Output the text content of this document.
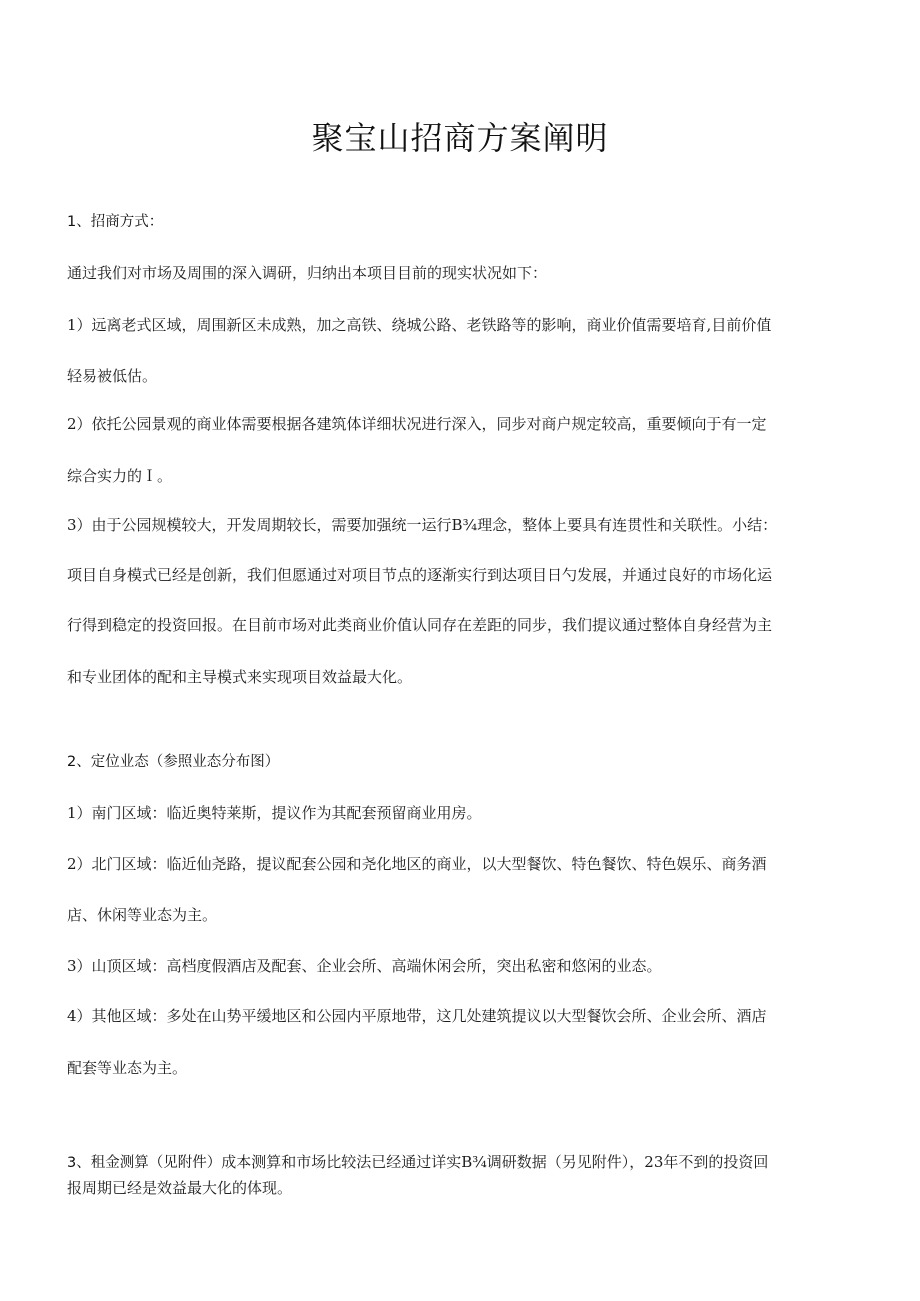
聚宝山招商方案阐明
1、招商方式：
通过我们对市场及周围的深入调研，归纳出本项目目前的现实状况如下：
1）远离老式区域，周围新区未成熟，加之高铁、绕城公路、老铁路等的影响，商业价值需要培育,目前价值
轻易被低估。
2）依托公园景观的商业体需要根据各建筑体详细状况进行深入，同步对商户规定较高，重要倾向于有一定
综合实力的Ｉ。
3）由于公园规模较大，开发周期较长，需要加强统一运行B¾理念，整体上要具有连贯性和关联性。小结：
项目自身模式已经是创新，我们但愿通过对项目节点的逐渐实行到达项目日勺发展，并通过良好的市场化运
行得到稳定的投资回报。在目前市场对此类商业价值认同存在差距的同步，我们提议通过整体自身经营为主
和专业团体的配和主导模式来实现项目效益最大化。
2、定位业态（参照业态分布图）
1）南门区域：临近奥特莱斯，提议作为其配套预留商业用房。
2）北门区域：临近仙尧路，提议配套公园和尧化地区的商业，以大型餐饮、特色餐饮、特色娱乐、商务酒
店、休闲等业态为主。
3）山顶区域：高档度假酒店及配套、企业会所、高端休闲会所，突出私密和悠闲的业态。
4）其他区域：多处在山势平缓地区和公园内平原地带，这几处建筑提议以大型餐饮会所、企业会所、酒店
配套等业态为主。
3、租金测算（见附件）成本测算和市场比较法已经通过详实B¾调研数据（另见附件），23年不到的投资回
报周期已经是效益最大化的体现。
